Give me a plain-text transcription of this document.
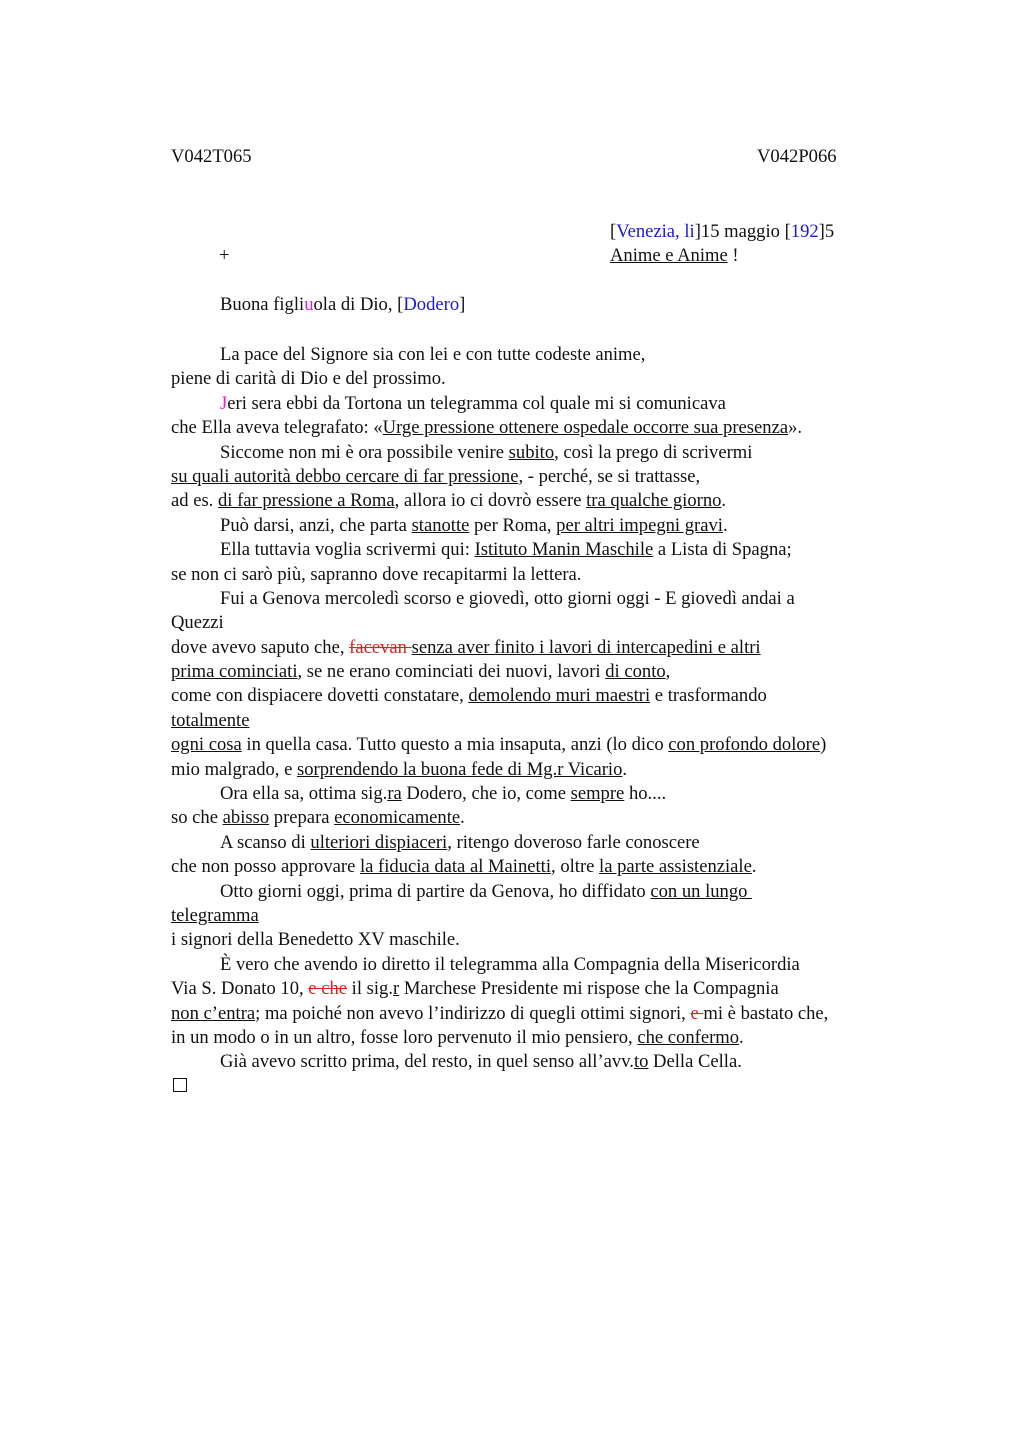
V042T065	V042P066
[Venezia, li]15 maggio [192]5
Anime e Anime !
+
Buona figliuola di Dio, [Dodero]
La pace del Signore sia con lei e con tutte codeste anime,
piene di carità di Dio e del prossimo.
Jeri sera ebbi da Tortona un telegramma col quale mi si comunicava
che Ella aveva telegrafato: «Urge pressione ottenere ospedale occorre sua presenza».
Siccome non mi è ora possibile venire subito, così la prego di scrivermi
su quali autorità debbo cercare di far pressione, - perché, se si trattasse,
ad es. di far pressione a Roma, allora io ci dovrò essere tra qualche giorno.
Può darsi, anzi, che parta stanotte per Roma, per altri impegni gravi.
Ella tuttavia voglia scrivermi qui: Istituto Manin Maschile a Lista di Spagna;
se non ci sarò più, sapranno dove recapitarmi la lettera.
Fui a Genova mercoledì scorso e giovedì, otto giorni oggi - E giovedì andai a
Quezzi
dove avevo saputo che, facevan senza aver finito i lavori di intercapedini e altri
prima cominciati, se ne erano cominciati dei nuovi, lavori di conto,
come con dispiacere dovetti constatare, demolendo muri maestri e trasformando
totalmente
ogni cosa in quella casa. Tutto questo a mia insaputa, anzi (lo dico con profondo dolore)
mio malgrado, e sorprendendo la buona fede di Mg.r Vicario.
Ora ella sa, ottima sig.ra Dodero, che io, come sempre ho....
so che abisso prepara economicamente.
A scanso di ulteriori dispiaceri, ritengo doveroso farle conoscere
che non posso approvare la fiducia data al Mainetti, oltre la parte assistenziale.
Otto giorni oggi, prima di partire da Genova, ho diffidato con un lungo
telegramma
i signori della Benedetto XV maschile.
È vero che avendo io diretto il telegramma alla Compagnia della Misericordia
Via S. Donato 10, e che il sig.r Marchese Presidente mi rispose che la Compagnia
non c’entra; ma poiché non avevo l’indirizzo di quegli ottimi signori, e mi è bastato che,
in un modo o in un altro, fosse loro pervenuto il mio pensiero, che confermo.
Già avevo scritto prima, del resto, in quel senso all’avv.to Della Cella.
